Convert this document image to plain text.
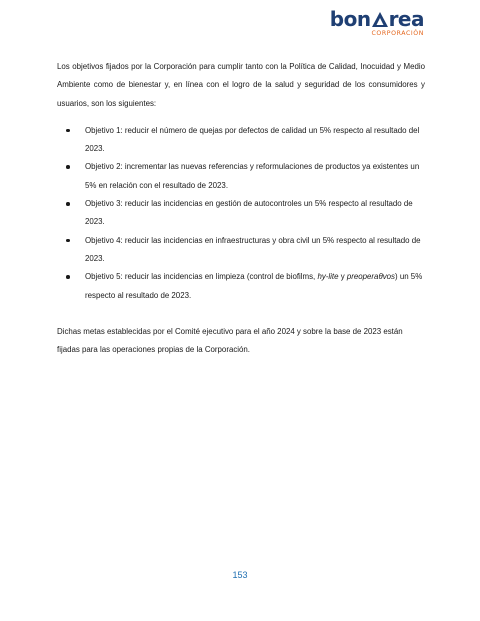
bon rea
CORPORACIÓN

Los objetivos fijados por la Corporación para cumplir tanto con la Política de Calidad, Inocuidad y Medio Ambiente como de bienestar y, en línea con el logro de la salud y seguridad de los consumidores y usuarios, son los siguientes:

Objetivo 1: reducir el número de quejas por defectos de calidad un 5% respecto al resultado del 2023.
Objetivo 2: incrementar las nuevas referencias y reformulaciones de productos ya existentes un 5% en relación con el resultado de 2023.
Objetivo 3: reducir las incidencias en gestión de autocontroles un 5% respecto al resultado de 2023.
Objetivo 4: reducir las incidencias en infraestructuras y obra civil un 5% respecto al resultado de 2023.
Objetivo 5: reducir las incidencias en limpieza (control de biofilms, hy-lite y preoperaθvos) un 5% respecto al resultado de 2023.

Dichas metas establecidas por el Comité ejecutivo para el año 2024 y sobre la base de 2023 están fijadas para las operaciones propias de la Corporación.

153
